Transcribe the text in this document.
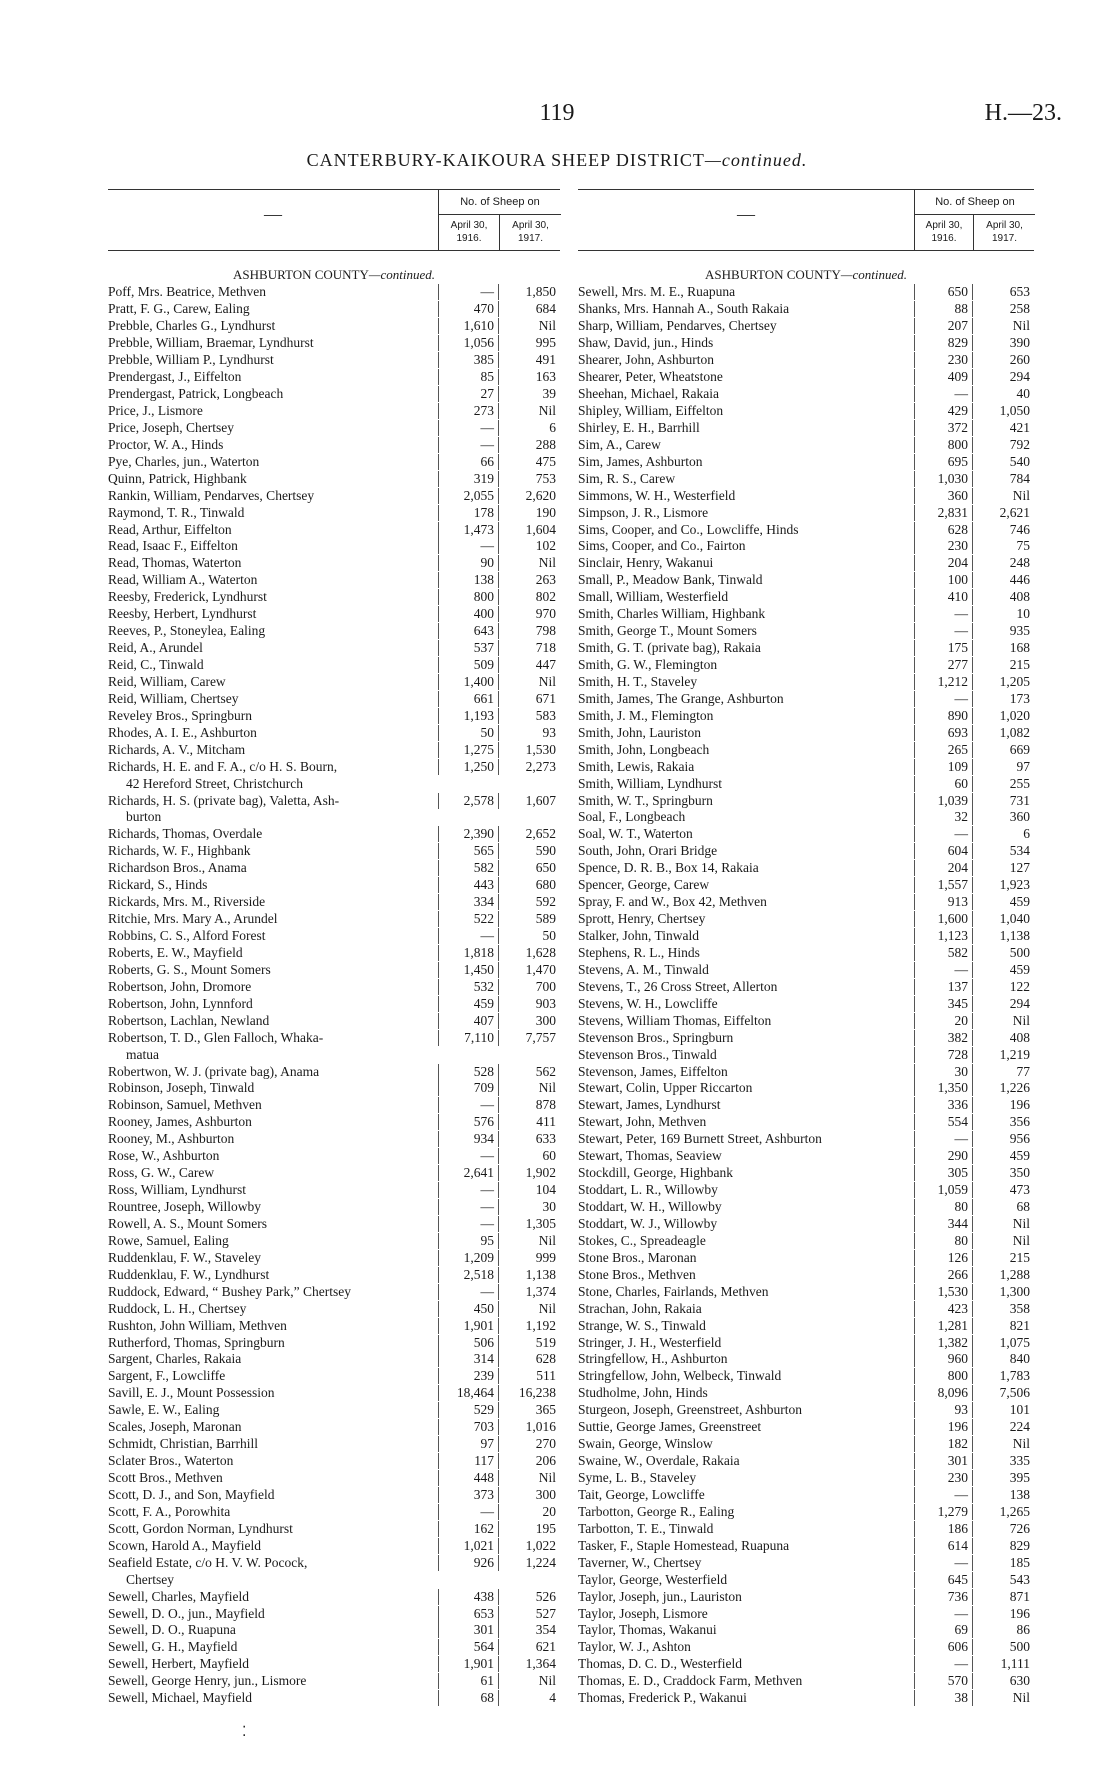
119	H.—23.
CANTERBURY-KAIKOURA SHEEP DISTRICT—continued.
—
No. of Sheep on
April 30,
1916.
April 30,
1917.
ASHBURTON COUNTY —continued.
Poff, Mrs. Beatrice, Methven	—	1,850
Pratt, F. G., Carew, Ealing	470	684
Prebble, Charles G., Lyndhurst	1,610	Nil
Prebble, William, Braemar, Lyndhurst	1,056	995
Prebble, William P., Lyndhurst	385	491
Prendergast, J., Eiffelton	85	163
Prendergast, Patrick, Longbeach	27	39
Price, J., Lismore	273	Nil
Price, Joseph, Chertsey	—	6
Proctor, W. A., Hinds	—	288
Pye, Charles, jun., Waterton	66	475
Quinn, Patrick, Highbank	319	753
Rankin, William, Pendarves, Chertsey	2,055	2,620
Raymond, T. R., Tinwald	178	190
Read, Arthur, Eiffelton	1,473	1,604
Read, Isaac F., Eiffelton	—	102
Read, Thomas, Waterton	90	Nil
Read, William A., Waterton	138	263
Reesby, Frederick, Lyndhurst	800	802
Reesby, Herbert, Lyndhurst	400	970
Reeves, P., Stoneylea, Ealing	643	798
Reid, A., Arundel	537	718
Reid, C., Tinwald	509	447
Reid, William, Carew	1,400	Nil
Reid, William, Chertsey	661	671
Reveley Bros., Springburn	1,193	583
Rhodes, A. I. E., Ashburton	50	93
Richards, A. V., Mitcham	1,275	1,530
Richards, H. E. and F. A., c/o H. S. Bourn,	1,250	2,273
42 Hereford Street, Christchurch
Richards, H. S. (private bag), Valetta, Ash-	2,578	1,607
burton
Richards, Thomas, Overdale	2,390	2,652
Richards, W. F., Highbank	565	590
Richardson Bros., Anama	582	650
Rickard, S., Hinds	443	680
Rickards, Mrs. M., Riverside	334	592
Ritchie, Mrs. Mary A., Arundel	522	589
Robbins, C. S., Alford Forest	—	50
Roberts, E. W., Mayfield	1,818	1,628
Roberts, G. S., Mount Somers	1,450	1,470
Robertson, John, Dromore	532	700
Robertson, John, Lynnford	459	903
Robertson, Lachlan, Newland	407	300
Robertson, T. D., Glen Falloch, Whaka-	7,110	7,757
matua
Robertwon, W. J. (private bag), Anama	528	562
Robinson, Joseph, Tinwald	709	Nil
Robinson, Samuel, Methven	—	878
Rooney, James, Ashburton	576	411
Rooney, M., Ashburton	934	633
Rose, W., Ashburton	—	60
Ross, G. W., Carew	2,641	1,902
Ross, William, Lyndhurst	—	104
Rountree, Joseph, Willowby	—	30
Rowell, A. S., Mount Somers	—	1,305
Rowe, Samuel, Ealing	95	Nil
Ruddenklau, F. W., Staveley	1,209	999
Ruddenklau, F. W., Lyndhurst	2,518	1,138
Ruddock, Edward, “ Bushey Park,” Chertsey	—	1,374
Ruddock, L. H., Chertsey	450	Nil
Rushton, John William, Methven	1,901	1,192
Rutherford, Thomas, Springburn	506	519
Sargent, Charles, Rakaia	314	628
Sargent, F., Lowcliffe	239	511
Savill, E. J., Mount Possession	18,464	16,238
Sawle, E. W., Ealing	529	365
Scales, Joseph, Maronan	703	1,016
Schmidt, Christian, Barrhill	97	270
Sclater Bros., Waterton	117	206
Scott Bros., Methven	448	Nil
Scott, D. J., and Son, Mayfield	373	300
Scott, F. A., Porowhita	—	20
Scott, Gordon Norman, Lyndhurst	162	195
Scown, Harold A., Mayfield	1,021	1,022
Seafield Estate, c/o H. V. W. Pocock,	926	1,224
Chertsey
Sewell, Charles, Mayfield	438	526
Sewell, D. O., jun., Mayfield	653	527
Sewell, D. O., Ruapuna	301	354
Sewell, G. H., Mayfield	564	621
Sewell, Herbert, Mayfield	1,901	1,364
Sewell, George Henry, jun., Lismore	61	Nil
Sewell, Michael, Mayfield	68	4
—
No. of Sheep on
April 30,
1916.
April 30,
1917.
ASHBURTON COUNTY —continued.
Sewell, Mrs. M. E., Ruapuna	650	653
Shanks, Mrs. Hannah A., South Rakaia	88	258
Sharp, William, Pendarves, Chertsey	207	Nil
Shaw, David, jun., Hinds	829	390
Shearer, John, Ashburton	230	260
Shearer, Peter, Wheatstone	409	294
Sheehan, Michael, Rakaia	—	40
Shipley, William, Eiffelton	429	1,050
Shirley, E. H., Barrhill	372	421
Sim, A., Carew	800	792
Sim, James, Ashburton	695	540
Sim, R. S., Carew	1,030	784
Simmons, W. H., Westerfield	360	Nil
Simpson, J. R., Lismore	2,831	2,621
Sims, Cooper, and Co., Lowcliffe, Hinds	628	746
Sims, Cooper, and Co., Fairton	230	75
Sinclair, Henry, Wakanui	204	248
Small, P., Meadow Bank, Tinwald	100	446
Small, William, Westerfield	410	408
Smith, Charles William, Highbank	—	10
Smith, George T., Mount Somers	—	935
Smith, G. T. (private bag), Rakaia	175	168
Smith, G. W., Flemington	277	215
Smith, H. T., Staveley	1,212	1,205
Smith, James, The Grange, Ashburton	—	173
Smith, J. M., Flemington	890	1,020
Smith, John, Lauriston	693	1,082
Smith, John, Longbeach	265	669
Smith, Lewis, Rakaia	109	97
Smith, William, Lyndhurst	60	255
Smith, W. T., Springburn	1,039	731
Soal, F., Longbeach	32	360
Soal, W. T., Waterton	—	6
South, John, Orari Bridge	604	534
Spence, D. R. B., Box 14, Rakaia	204	127
Spencer, George, Carew	1,557	1,923
Spray, F. and W., Box 42, Methven	913	459
Sprott, Henry, Chertsey	1,600	1,040
Stalker, John, Tinwald	1,123	1,138
Stephens, R. L., Hinds	582	500
Stevens, A. M., Tinwald	—	459
Stevens, T., 26 Cross Street, Allerton	137	122
Stevens, W. H., Lowcliffe	345	294
Stevens, William Thomas, Eiffelton	20	Nil
Stevenson Bros., Springburn	382	408
Stevenson Bros., Tinwald	728	1,219
Stevenson, James, Eiffelton	30	77
Stewart, Colin, Upper Riccarton	1,350	1,226
Stewart, James, Lyndhurst	336	196
Stewart, John, Methven	554	356
Stewart, Peter, 169 Burnett Street, Ashburton	—	956
Stewart, Thomas, Seaview	290	459
Stockdill, George, Highbank	305	350
Stoddart, L. R., Willowby	1,059	473
Stoddart, W. H., Willowby	80	68
Stoddart, W. J., Willowby	344	Nil
Stokes, C., Spreadeagle	80	Nil
Stone Bros., Maronan	126	215
Stone Bros., Methven	266	1,288
Stone, Charles, Fairlands, Methven	1,530	1,300
Strachan, John, Rakaia	423	358
Strange, W. S., Tinwald	1,281	821
Stringer, J. H., Westerfield	1,382	1,075
Stringfellow, H., Ashburton	960	840
Stringfellow, John, Welbeck, Tinwald	800	1,783
Studholme, John, Hinds	8,096	7,506
Sturgeon, Joseph, Greenstreet, Ashburton	93	101
Suttie, George James, Greenstreet	196	224
Swain, George, Winslow	182	Nil
Swaine, W., Overdale, Rakaia	301	335
Syme, L. B., Staveley	230	395
Tait, George, Lowcliffe	—	138
Tarbotton, George R., Ealing	1,279	1,265
Tarbotton, T. E., Tinwald	186	726
Tasker, F., Staple Homestead, Ruapuna	614	829
Taverner, W., Chertsey	—	185
Taylor, George, Westerfield	645	543
Taylor, Joseph, jun., Lauriston	736	871
Taylor, Joseph, Lismore	—	196
Taylor, Thomas, Wakanui	69	86
Taylor, W. J., Ashton	606	500
Thomas, D. C. D., Westerfield	—	1,111
Thomas, E. D., Craddock Farm, Methven	570	630
Thomas, Frederick P., Wakanui	38	Nil
⁚
